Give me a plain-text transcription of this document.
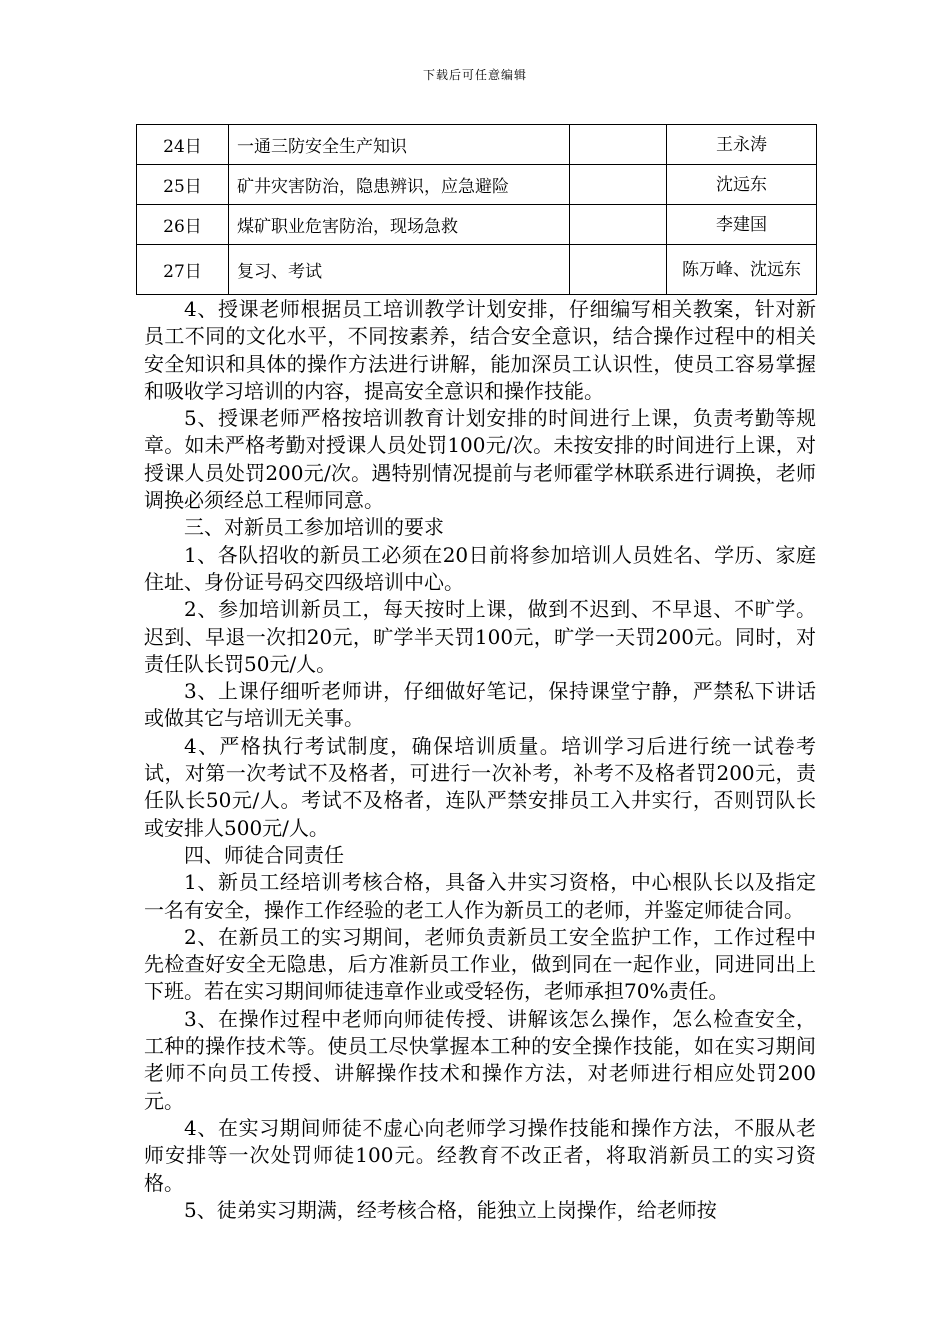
下载后可任意编辑
24日	一通三防安全生产知识		王永涛
25日	矿井灾害防治，隐患辨识，应急避险		沈远东
26日	煤矿职业危害防治，现场急救		李建国
27日	复习、考试		陈万峰、沈远东

4、授课老师根据员工培训教学计划安排，仔细编写相关教案，针对新员工不同的文化水平，不同按素养，结合安全意识，结合操作过程中的相关安全知识和具体的操作方法进行讲解，能加深员工认识性，使员工容易掌握和吸收学习培训的内容，提高安全意识和操作技能。

5、授课老师严格按培训教育计划安排的时间进行上课，负责考勤等规章。如未严格考勤对授课人员处罚100元/次。未按安排的时间进行上课，对授课人员处罚200元/次。遇特别情况提前与老师霍学林联系进行调换，老师调换必须经总工程师同意。

三、对新员工参加培训的要求

1、各队招收的新员工必须在20日前将参加培训人员姓名、学历、家庭住址、身份证号码交四级培训中心。

2、参加培训新员工，每天按时上课，做到不迟到、不早退、不旷学。迟到、早退一次扣20元，旷学半天罚100元，旷学一天罚200元。同时，对责任队长罚50元/人。

3、上课仔细听老师讲，仔细做好笔记，保持课堂宁静，严禁私下讲话或做其它与培训无关事。

4、严格执行考试制度，确保培训质量。培训学习后进行统一试卷考试，对第一次考试不及格者，可进行一次补考，补考不及格者罚200元，责任队长50元/人。考试不及格者，连队严禁安排员工入井实行，否则罚队长或安排人500元/人。

四、师徒合同责任

1、新员工经培训考核合格，具备入井实习资格，中心根队长以及指定一名有安全，操作工作经验的老工人作为新员工的老师，并鉴定师徒合同。

2、在新员工的实习期间，老师负责新员工安全监护工作，工作过程中先检查好安全无隐患，后方准新员工作业，做到同在一起作业，同进同出上下班。若在实习期间师徒违章作业或受轻伤，老师承担70%责任。

3、在操作过程中老师向师徒传授、讲解该怎么操作，怎么检查安全，工种的操作技术等。使员工尽快掌握本工种的安全操作技能，如在实习期间老师不向员工传授、讲解操作技术和操作方法，对老师进行相应处罚200元。

4、在实习期间师徒不虚心向老师学习操作技能和操作方法，不服从老师安排等一次处罚师徒100元。经教育不改正者，将取消新员工的实习资格。

5、徒弟实习期满，经考核合格，能独立上岗操作，给老师按
